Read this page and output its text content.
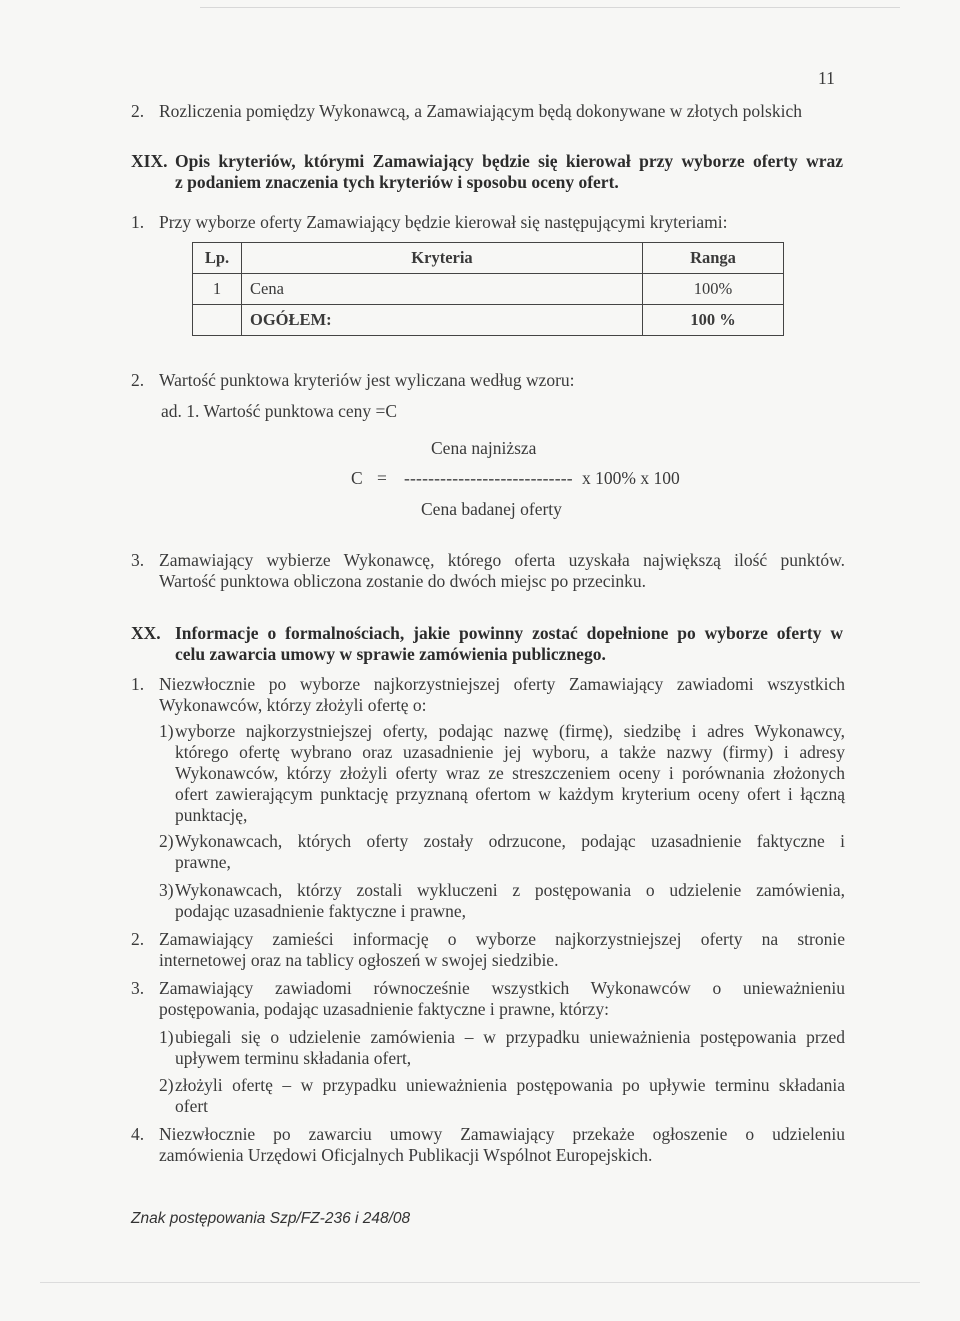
11
2. Rozliczenia pomiędzy Wykonawcą, a Zamawiającym będą dokonywane w złotych polskich
XIX. Opis kryteriów, którymi Zamawiający będzie się kierował przy wyborze oferty wraz
z podaniem znaczenia tych kryteriów i sposobu oceny ofert.
1. Przy wyborze oferty Zamawiający będzie kierował się następującymi kryteriami:
Lp.	Kryteria	Ranga
1	Cena	100%
	OGÓŁEM:	100 %
2. Wartość punktowa kryteriów jest wyliczana według wzoru:
ad. 1. Wartość punktowa ceny =C
Cena najniższa
C = ---------------------------- x 100% x 100
Cena badanej oferty
3. Zamawiający wybierze Wykonawcę, którego oferta uzyskała największą ilość punktów.
Wartość punktowa obliczona zostanie do dwóch miejsc po przecinku.
XX. Informacje o formalnościach, jakie powinny zostać dopełnione po wyborze oferty w
celu zawarcia umowy w sprawie zamówienia publicznego.
1. Niezwłocznie po wyborze najkorzystniejszej oferty Zamawiający zawiadomi wszystkich
Wykonawców, którzy złożyli ofertę o:
1) wyborze najkorzystniejszej oferty, podając nazwę (firmę), siedzibę i adres Wykonawcy,
którego ofertę wybrano oraz uzasadnienie jej wyboru, a także nazwy (firmy) i adresy
Wykonawców, którzy złożyli oferty wraz ze streszczeniem oceny i porównania złożonych
ofert zawierającym punktację przyznaną ofertom w każdym kryterium oceny ofert i łączną
punktację,
2) Wykonawcach, których oferty zostały odrzucone, podając uzasadnienie faktyczne i
prawne,
3) Wykonawcach, którzy zostali wykluczeni z postępowania o udzielenie zamówienia,
podając uzasadnienie faktyczne i prawne,
2. Zamawiający zamieści informację o wyborze najkorzystniejszej oferty na stronie
internetowej oraz na tablicy ogłoszeń w swojej siedzibie.
3. Zamawiający zawiadomi równocześnie wszystkich Wykonawców o unieważnieniu
postępowania, podając uzasadnienie faktyczne i prawne, którzy:
1) ubiegali się o udzielenie zamówienia – w przypadku unieważnienia postępowania przed
upływem terminu składania ofert,
2) złożyli ofertę – w przypadku unieważnienia postępowania po upływie terminu składania
ofert
4. Niezwłocznie po zawarciu umowy Zamawiający przekaże ogłoszenie o udzieleniu
zamówienia Urzędowi Oficjalnych Publikacji Wspólnot Europejskich.
Znak postępowania Szp/FZ-236 i 248/08
